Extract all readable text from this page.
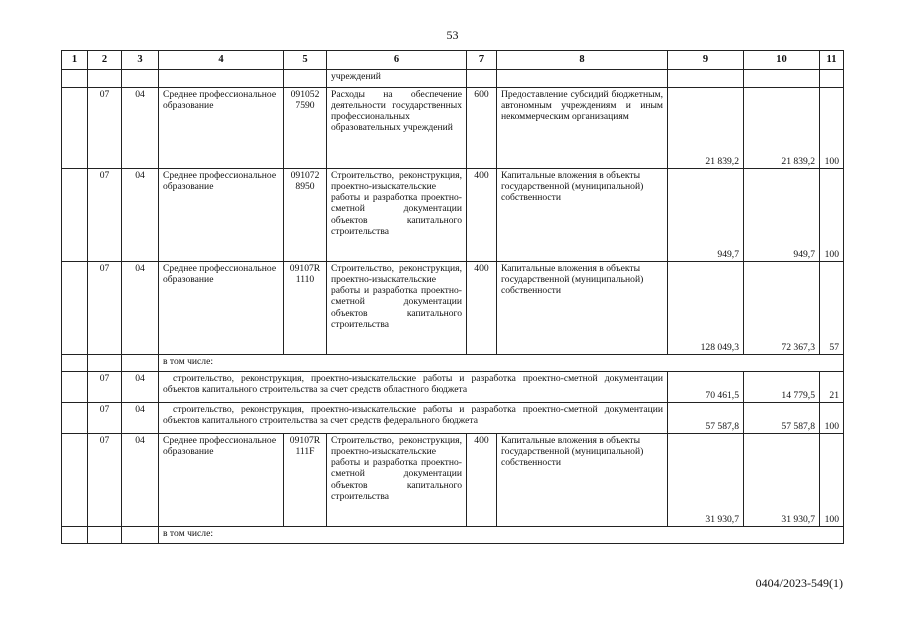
53
1	2	3	4	5	6	7	8	9	10	11
					учреждений					
	07	04	Среднее профессиональное образование	091052 7590	Расходы на обеспечение деятельности государственных профессиональных образовательных учреждений	600	Предоставление субсидий бюджетным, автономным учреждениям и иным некоммерческим организациям	21 839,2	21 839,2	100
	07	04	Среднее профессиональное образование	091072 8950	Строительство, реконструкция, проектно-изыскательские работы и разработка проектно-сметной документации объектов капитального строительства	400	Капитальные вложения в объекты государственной (муниципальной) собственности	949,7	949,7	100
	07	04	Среднее профессиональное образование	09107R 1110	Строительство, реконструкция, проектно-изыскательские работы и разработка проектно-сметной документации объектов капитального строительства	400	Капитальные вложения в объекты государственной (муниципальной) собственности	128 049,3	72 367,3	57
			в том числе:							
	07	04	строительство, реконструкция, проектно-изыскательские работы и разработка проектно-сметной документации объектов капитального строительства за счет средств областного бюджета					70 461,5	14 779,5	21
	07	04	строительство, реконструкция, проектно-изыскательские работы и разработка проектно-сметной документации объектов капитального строительства за счет средств федерального бюджета					57 587,8	57 587,8	100
	07	04	Среднее профессиональное образование	09107R 111F	Строительство, реконструкция, проектно-изыскательские работы и разработка проектно-сметной документации объектов капитального строительства	400	Капитальные вложения в объекты государственной (муниципальной) собственности	31 930,7	31 930,7	100
			в том числе:							
0404/2023-549(1)
